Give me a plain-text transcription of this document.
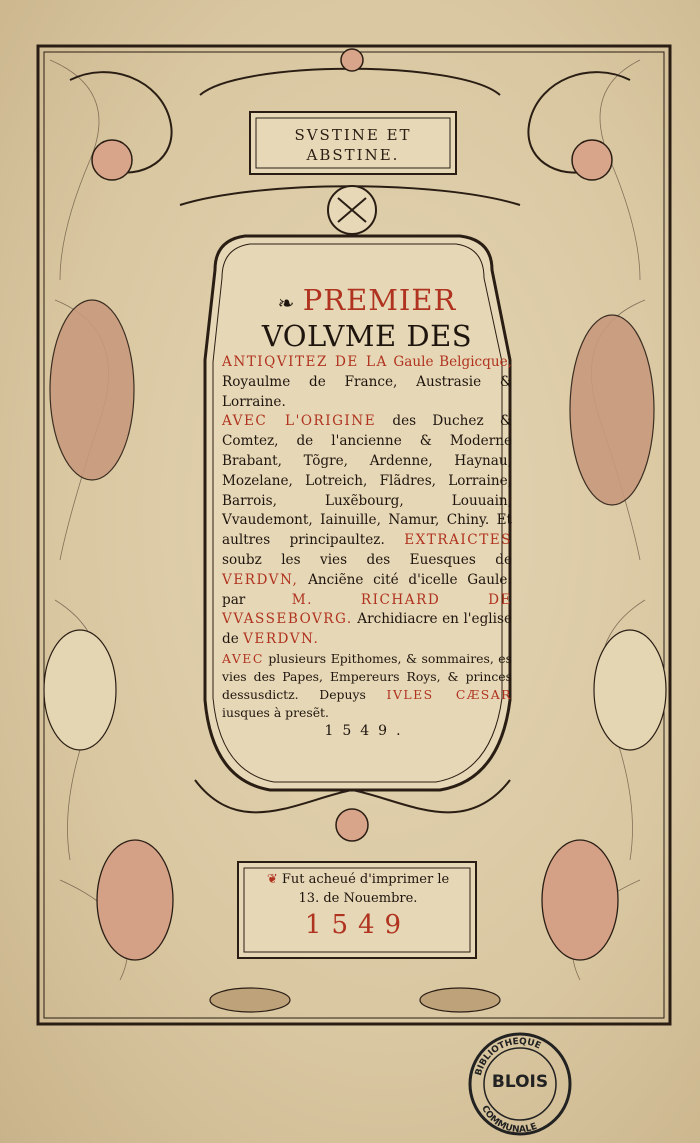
SVSTINE ET
ABSTINE.
❧ PREMIER
VOLVME DES

ANTIQVITEZ DE LA Gaule Belgicque, Royaulme de France, Austrasie & Lorraine.

AVEC L'ORIGINE des Duchez & Comtez, de l'ancienne & Moderne Brabant, Tõgre, Ardenne, Haynau, Mozelane, Lotreich, Flãdres, Lorraine, Barrois, Luxẽbourg, Louuain, Vvaudemont, Iainuille, Namur, Chiny. Et aultres principaultez. EXTRAICTES soubz les vies des Euesques de VERDVN, Anciẽne cité d'icelle Gaule: par	M. RICHARD DE VVASSEBOVRG. Archidiacre en l'eglise de VERDVN.

AVEC plusieurs Epithomes, & sommaires, es vies des Papes, Empereurs Roys, & princes dessusdictz. Depuys IVLES CÆSAR iusques à presẽt.

1549.
❦ Fut acheué d'imprimer le
13. de Nouembre.
1549
BIBLIOTHEQUE
COMMUNALE
BLOIS
